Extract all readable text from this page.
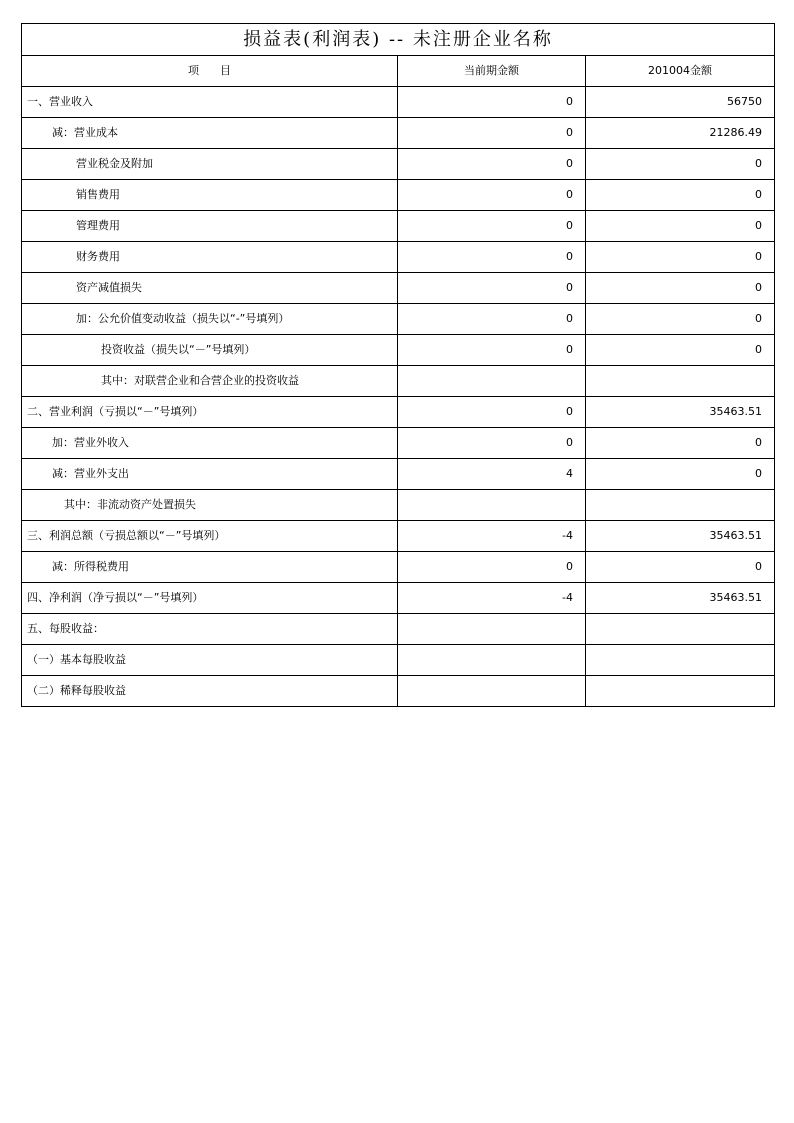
损益表(利润表) -- 未注册企业名称		
项      目	当前期金额	201004金额
一、营业收入	0	56750
减：营业成本	0	21286.49
营业税金及附加	0	0
销售费用	0	0
管理费用	0	0
财务费用	0	0
资产减值损失	0	0
加：公允价值变动收益（损失以“-”号填列）	0	0
投资收益（损失以“－”号填列）	0	0
其中：对联营企业和合营企业的投资收益		
二、营业利润（亏损以“－”号填列）	0	35463.51
加：营业外收入	0	0
减：营业外支出	4	0
其中：非流动资产处置损失		
三、利润总额（亏损总额以“－”号填列）	-4	35463.51
减：所得税费用	0	0
四、净利润（净亏损以“－”号填列）	-4	35463.51
五、每股收益：		
（一）基本每股收益		
（二）稀释每股收益		
